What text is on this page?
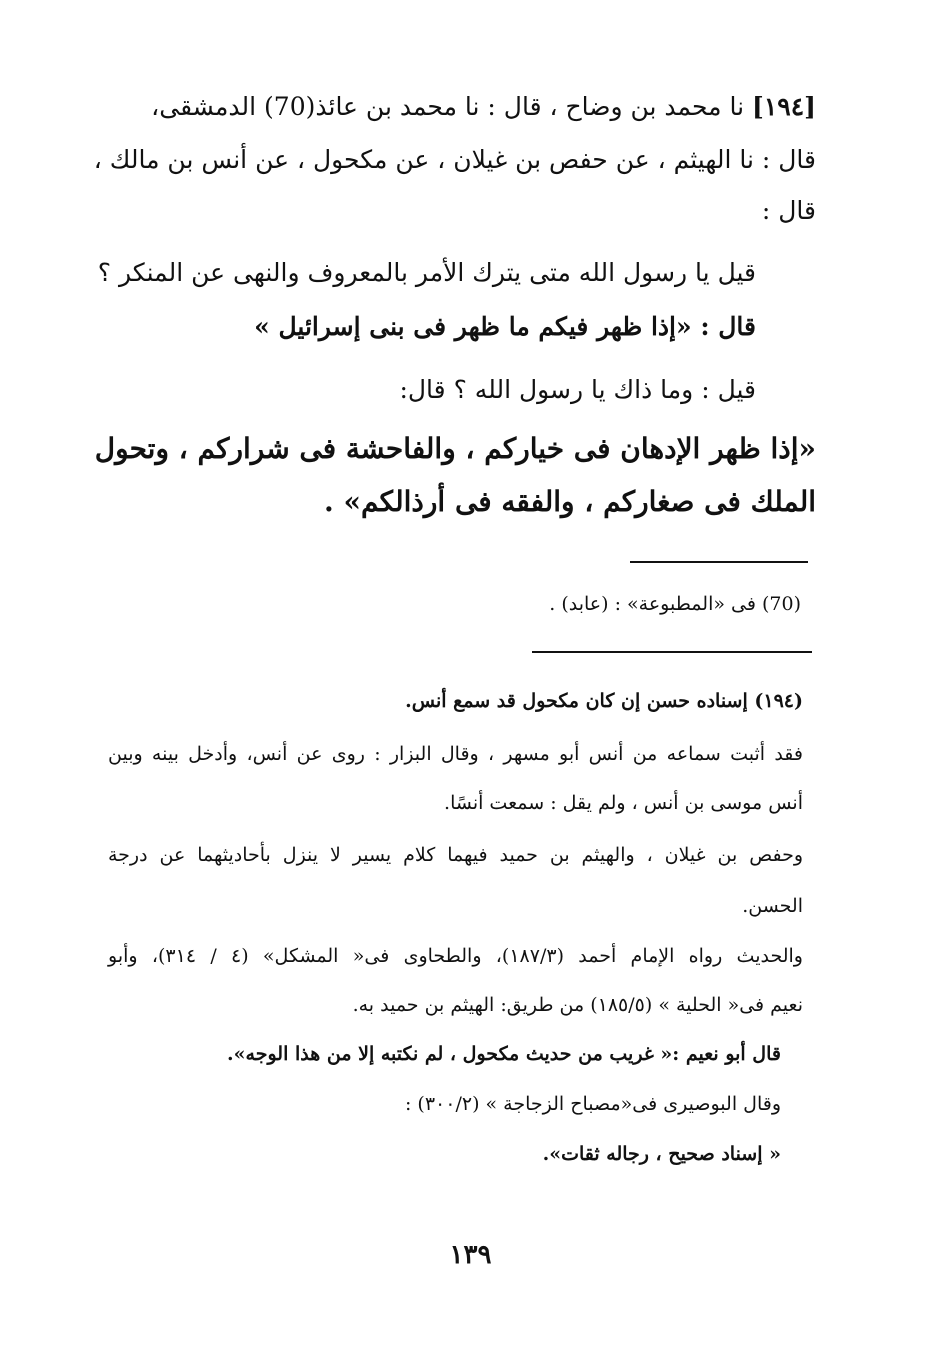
[١٩٤] نا محمد بن وضاح ، قال : نا محمد بن عائذ(70) الدمشقى،
قال : نا الهيثم ، عن حفص بن غيلان ، عن مكحول ، عن أنس بن مالك ،
قال :
قيل يا رسول الله متى يترك الأمر بالمعروف والنهى عن المنكر ؟
قال : «إذا ظهر فيكم ما ظهر فى بنى إسرائيل »
قيل : وما ذاك يا رسول الله ؟ قال:
«إذا ظهر الإدهان فى خياركم ، والفاحشة فى شراركم ، وتحول
الملك فى صغاركم ، والفقه فى أرذالكم» .
(70) فى «المطبوعة» : (عابد) .
(١٩٤) إسناده حسن إن كان مكحول قد سمع أنس.
فقد أثبت سماعه من أنس أبو مسهر ، وقال البزار : روى عن أنس، وأدخل بينه وبين
أنس موسى بن أنس ، ولم يقل : سمعت أنسًا.
وحفص بن غيلان ، والهيثم بن حميد فيهما كلام يسير لا ينزل بأحاديثهما عن درجة
الحسن.
والحديث رواه الإمام أحمد (١٨٧/٣)، والطحاوى فى« المشكل» (٤ / ٣١٤)، وأبو
نعيم فى« الحلية » (١٨٥/٥) من طريق: الهيثم بن حميد به.
قال أبو نعيم :« غريب من حديث مكحول ، لم نكتبه إلا من هذا الوجه».
وقال البوصيرى فى«مصباح الزجاجة » (٣٠٠/٢) :
« إسناد صحيح ، رجاله ثقات».
١٣٩
